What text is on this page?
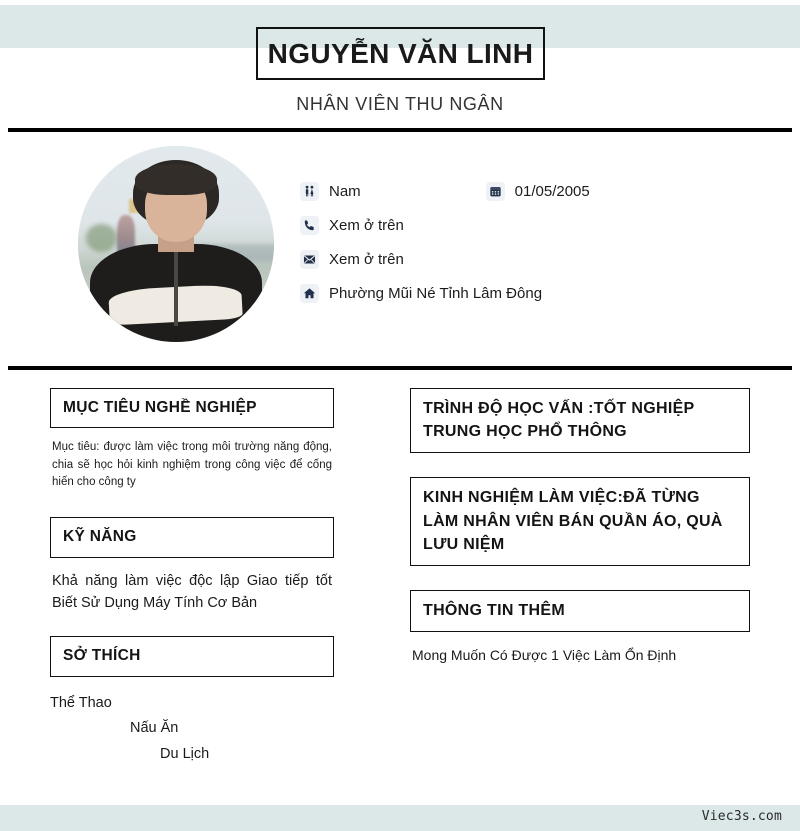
NGUYỄN VĂN LINH
NHÂN VIÊN THU NGÂN
Nam	01/05/2005
Xem ở trên
Xem ở trên
Phường Mũi Né Tỉnh Lâm Đông
MỤC TIÊU NGHỀ NGHIỆP
Mục tiêu: được làm việc trong môi trường năng động, chia sẽ học hỏi kinh nghiệm trong công việc để cống hiến cho công ty
KỸ NĂNG
Khả năng làm việc độc lập Giao tiếp tốt Biết Sử Dụng Máy Tính Cơ Bản
SỞ THÍCH
Thể Thao
Nấu Ăn
Du Lịch
TRÌNH ĐỘ HỌC VẤN :TỐT NGHIỆP TRUNG HỌC PHỔ THÔNG
KINH NGHIỆM LÀM VIỆC:ĐÃ TỪNG LÀM NHÂN VIÊN BÁN QUẦN ÁO, QUÀ LƯU NIỆM
THÔNG TIN THÊM
Mong Muốn Có Được 1 Việc Làm Ổn Định
Viec3s.com
